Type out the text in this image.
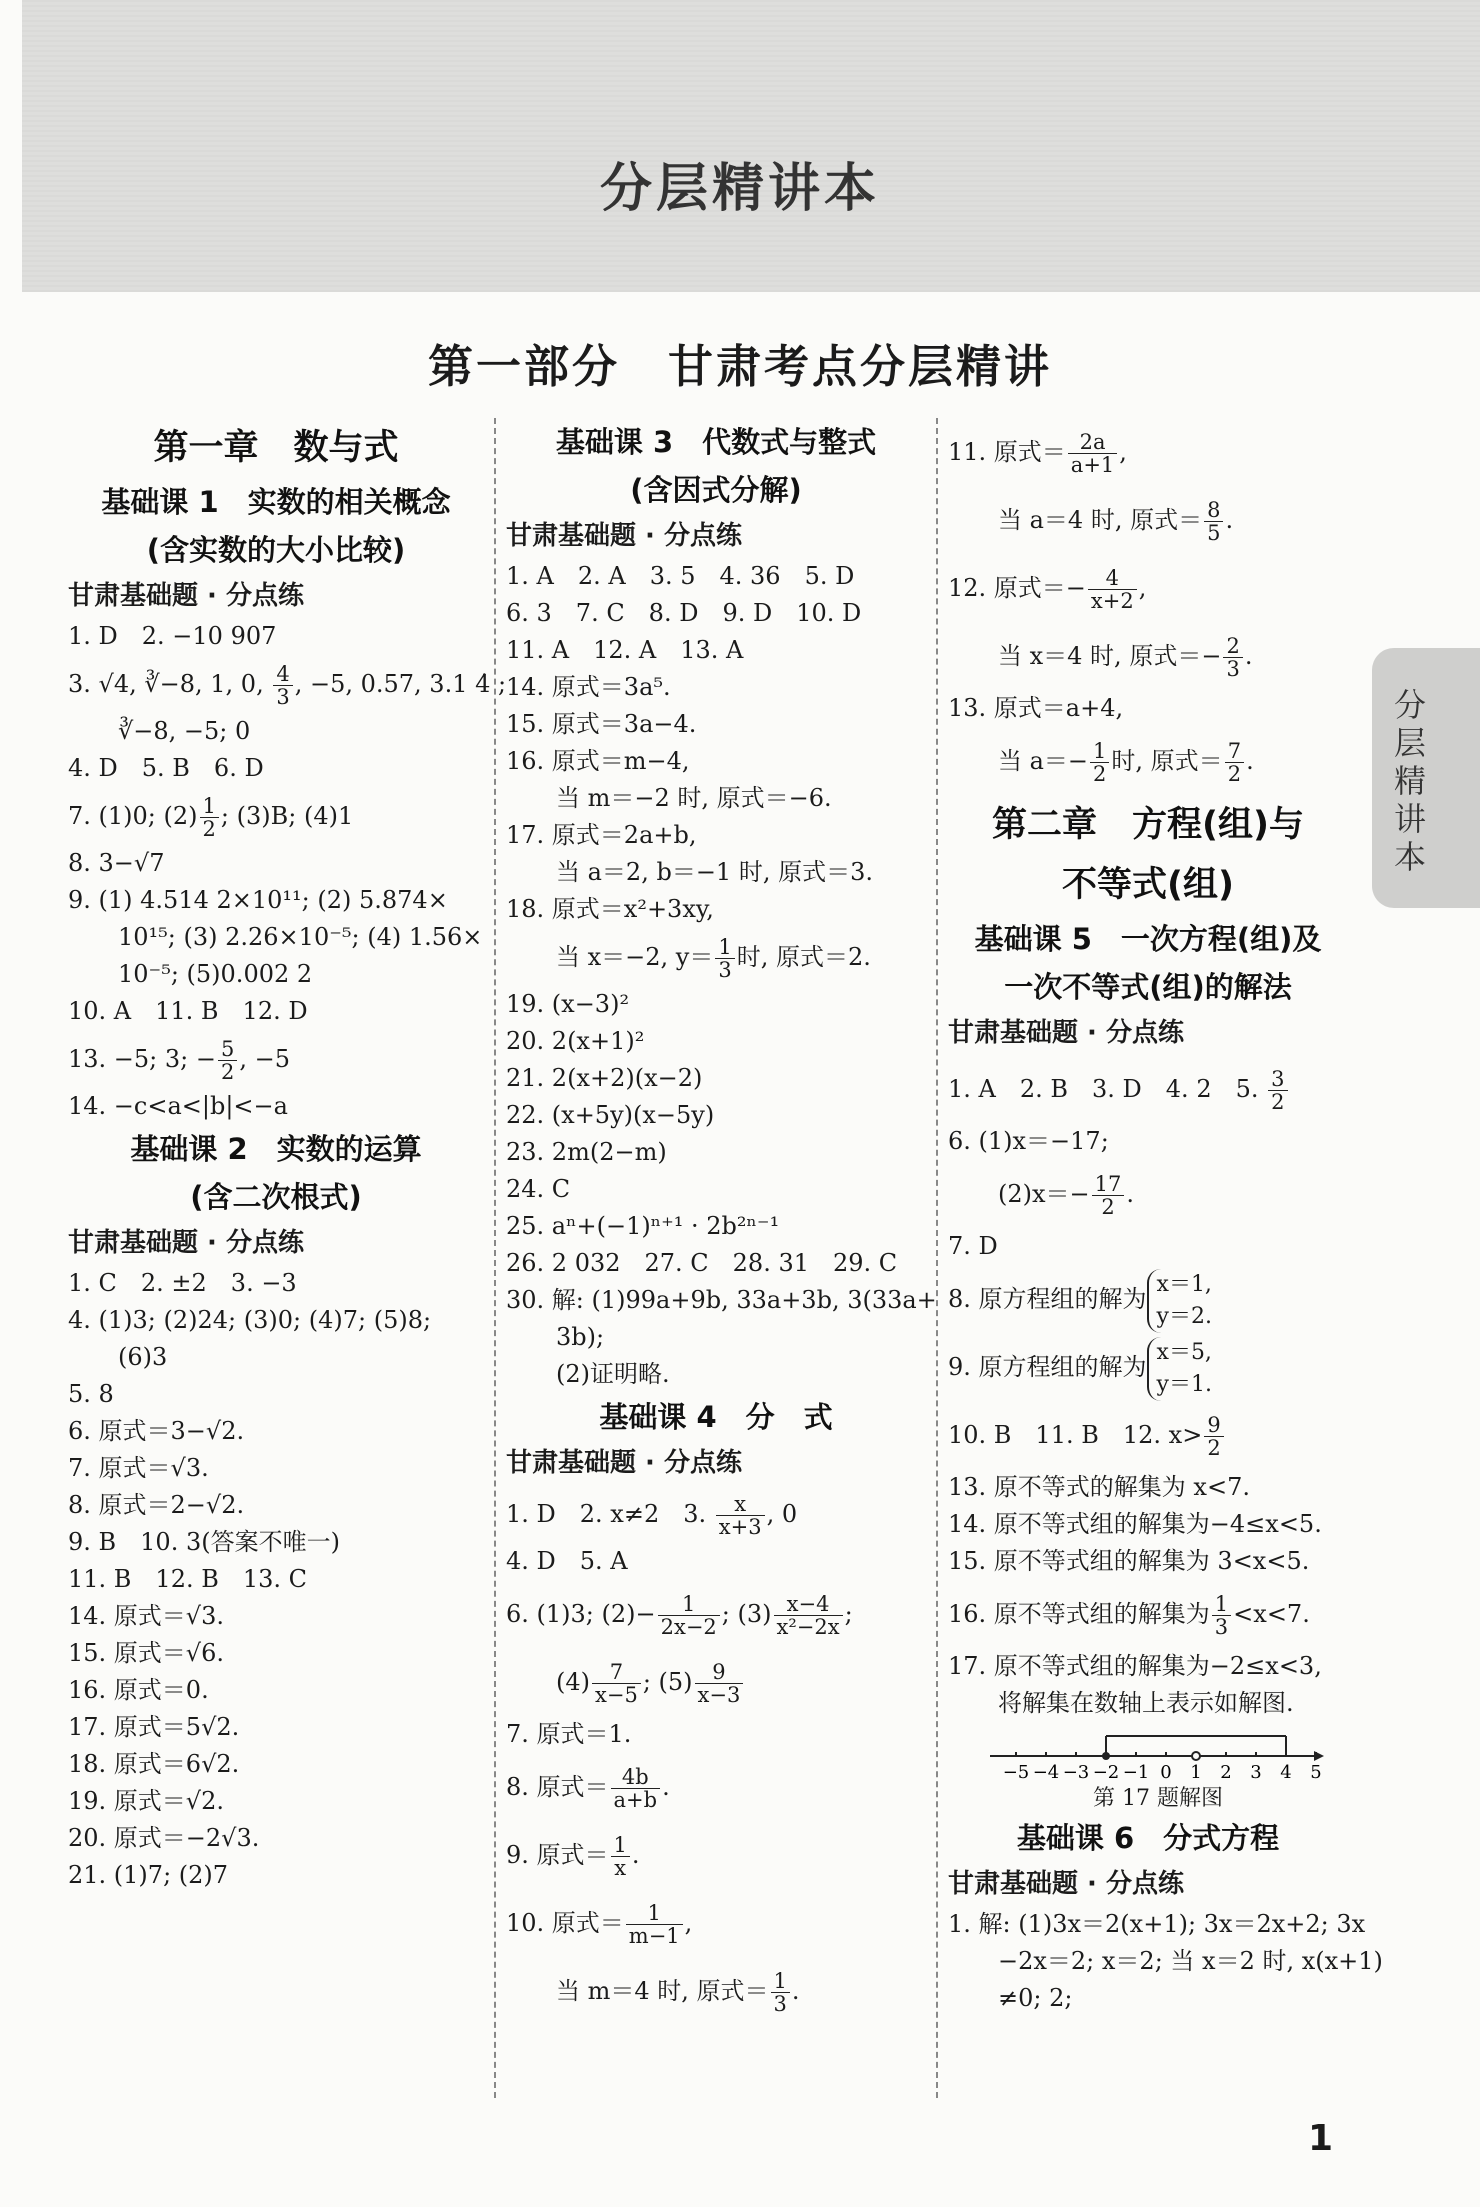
分层精讲本
第一部分　甘肃考点分层精讲
第一章　数与式
基础课 1　实数的相关概念
(含实数的大小比较)
甘肃基础题 · 分点练
1. D　2. −10 907
3. √4, ∛−8, 1, 0, $\frac{4}{3}$ , −5, 0.57, 3.1 4̇ ;
∛−8, −5; 0
4. D　5. B　6. D
7. (1)0; $(2) \frac{1}{2}$ ; (3)B; (4)1
8. 3−√7
9. (1) 4.514 2×10¹¹; (2) 5.874×
10¹⁵; (3) 2.26×10⁻⁵; (4) 1.56×
10⁻⁵; (5)0.002 2
10. A　11. B　12. D
13. −5; 3; − $\frac{5}{2}$ , −5
14. −c<a<|b|<−a
基础课 2　实数的运算
(含二次根式)
甘肃基础题 · 分点练
1. C　2. ±2　3. −3
4. (1)3; (2)24; (3)0; (4)7; (5)8;
(6)3
5. 8
6. 原式＝3−√2.
7. 原式＝√3.
8. 原式＝2−√2.
9. B　10. 3(答案不唯一)
11. B　12. B　13. C
14. 原式＝√3.
15. 原式＝√6.
16. 原式＝0.
17. 原式＝5√2.
18. 原式＝6√2.
19. 原式＝√2.
20. 原式＝−2√3.
21. (1)7; (2)7
基础课 3　代数式与整式
(含因式分解)
甘肃基础题 · 分点练
1. A　2. A　3. 5　4. 36　5. D
6. 3　7. C　8. D　9. D　10. D
11. A　12. A　13. A
14. 原式＝3a⁵.
15. 原式＝3a−4.
16. 原式＝m−4,
当 m＝−2 时, 原式＝−6.
17. 原式＝2a+b,
当 a＝2, b＝−1 时, 原式＝3.
18. 原式＝x²+3xy,
当 x＝−2, $y= \frac{1}{3}$ 时, 原式＝2.
19. (x−3)²
20. 2(x+1)²
21. 2(x+2)(x−2)
22. (x+5y)(x−5y)
23. 2m(2−m)
24. C
25. aⁿ+(−1)ⁿ⁺¹ · 2b²ⁿ⁻¹
26. 2 032　27. C　28. 31　29. C
30. 解: (1)99a+9b, 33a+3b, 3(33a+
3b);
(2)证明略.
基础课 4　分　式
甘肃基础题 · 分点练
1. D　2. x≠2　3. $\frac{x}{x+3}$ , 0
4. D　5. A
6. (1)3; $(2)- \frac{1}{2x-2}$ ; $(3) \frac{x-4}{\text{x²−2x}}$ ;
$(4) \frac{7}{x-5}$ ; $(5) \frac{9}{x-3}$
7. 原式＝1.
8. 原式＝ $\frac{4b}{a+b}$ .
9. 原式＝ $\frac{1}{x}$ .
10. 原式＝ $\frac{1}{m-1}$ ,
当 m＝4 时, 原式＝ $\frac{1}{3}$ .
11. 原式＝ $\frac{2a}{a+1}$ ,
当 a＝4 时, 原式＝ $\frac{8}{5}$ .
12. 原式＝− $\frac{4}{x+2}$ ,
当 x＝4 时, 原式＝− $\frac{2}{3}$ .
13. 原式＝a+4,
当 $a=- \frac{1}{2}$ 时, 原式＝ $\frac{7}{2}$ .
第二章　方程(组)与
不等式(组)
基础课 5　一次方程(组)及
一次不等式(组)的解法
甘肃基础题 · 分点练
1. A　2. B　3. D　4. 2　5. $\frac{3}{2}$
6. (1)x＝−17;
$(2)x=- \frac{17}{2}$ .
7. D
8. 原方程组的解为x＝1,
y＝2.
9. 原方程组的解为x＝5,
y＝1.
10. B　11. B　12. $x> \frac{9}{2}$
13. 原不等式的解集为 x<7.
14. 原不等式组的解集为−4≤x<5.
15. 原不等式组的解集为 3<x<5.
16. 原不等式组的解集为 $\frac{1}{3} <x<7$.
17. 原不等式组的解集为−2≤x<3,
将解集在数轴上表示如解图.
−5 −4 −3 −2 −1 0 1 2 3 4 5
第 17 题解图
基础课 6　分式方程
甘肃基础题 · 分点练
1. 解: (1)3x＝2(x+1); 3x＝2x+2; 3x
−2x＝2; x＝2; 当 x＝2 时, x(x+1)
≠0; 2;
分
层
精
讲
本
1
